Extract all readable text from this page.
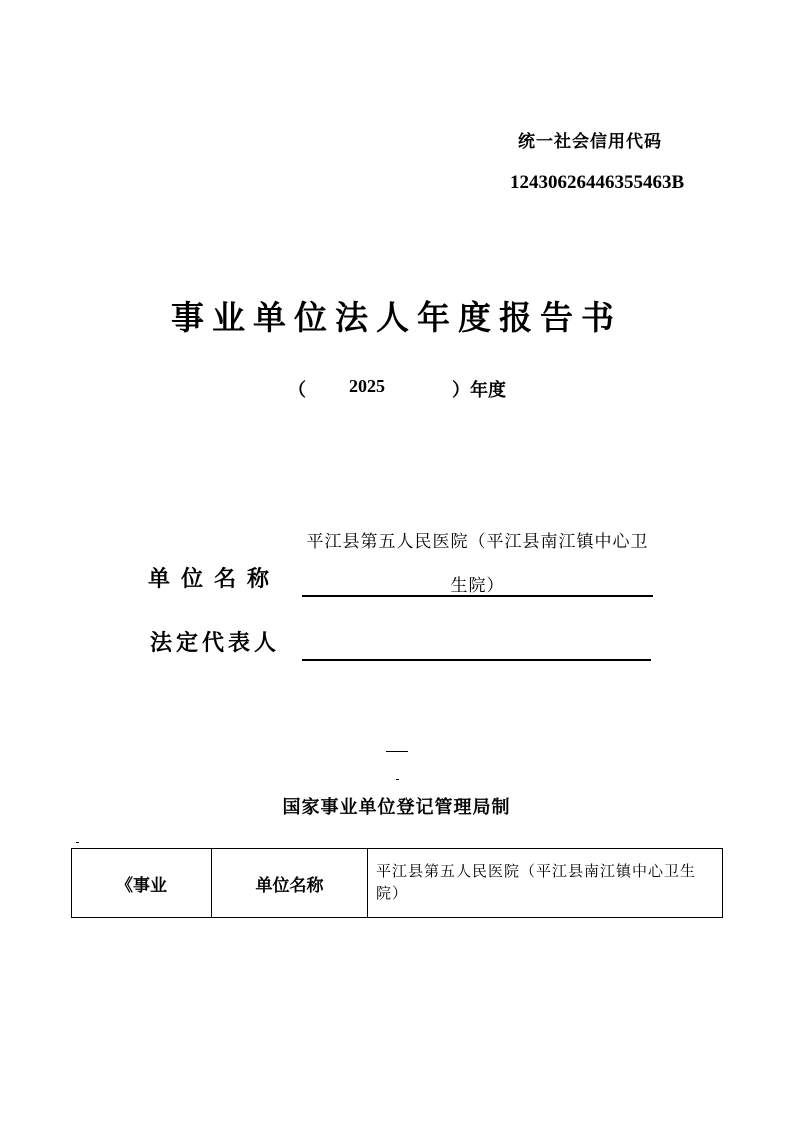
统一社会信用代码
12430626446355463B
事业单位法人年度报告书
（ 2025	） 年度
平江县第五人民医院（平江县南江镇中心卫生院）
单位名称
法定代表人
国家事业单位登记管理局制
《事业	单位名称	平江县第五人民医院（平江县南江镇中心卫生院）
